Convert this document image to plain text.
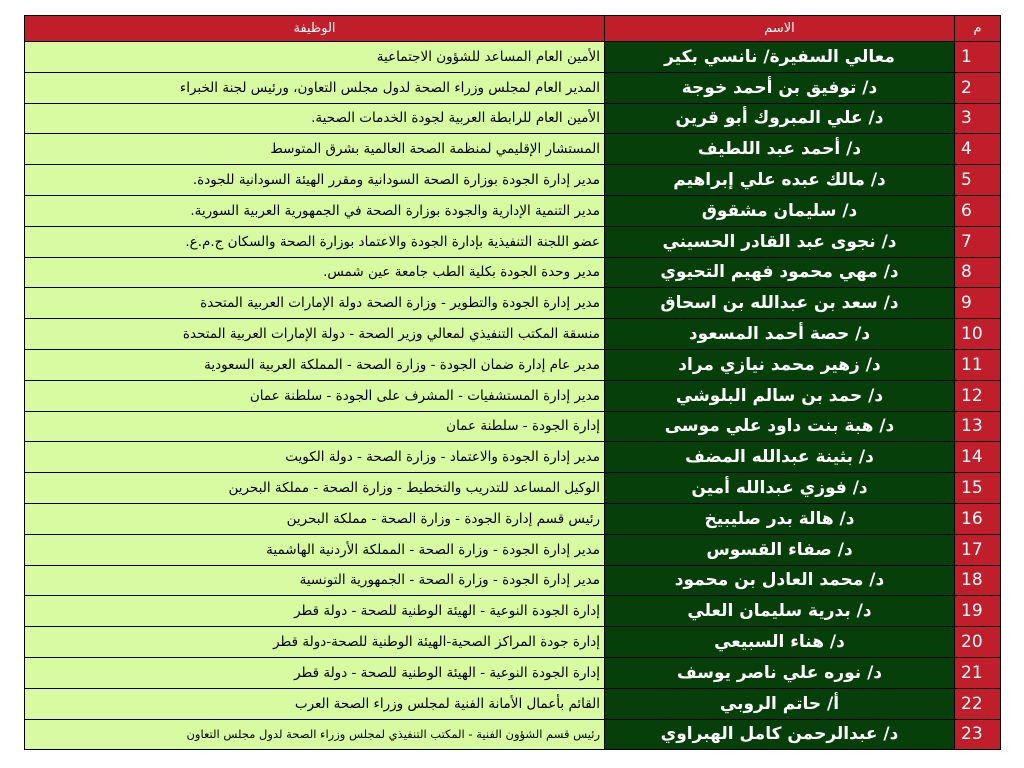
الوظيفة	الاسم	م
الأمين العام المساعد للشؤون الاجتماعية	معالي السفيرة/ نانسي بكير	1
المدير العام لمجلس وزراء الصحة لدول مجلس التعاون، ورئيس لجنة الخبراء	د/ توفيق بن أحمد خوجة	2
الأمين العام للرابطة العربية لجودة الخدمات الصحية.	د/ علي المبروك أبو قرين	3
المستشار الإقليمي لمنظمة الصحة العالمية بشرق المتوسط	د/ أحمد عبد اللطيف	4
مدير إدارة الجودة بوزارة الصحة السودانية ومقرر الهيئة السودانية للجودة.	د/ مالك عبده علي إبراهيم	5
مدير التنمية الإدارية والجودة بوزارة الصحة في الجمهورية العربية السورية.	د/ سليمان مشقوق	6
عضو اللجنة التنفيذية بإدارة الجودة والاعتماد بوزارة الصحة والسكان ج.م.ع.	د/ نجوى عبد القادر الحسيني	7
مدير وحدة الجودة بكلية الطب جامعة عين شمس.	د/ مهي محمود فهيم التحيوي	8
مدير إدارة الجودة والتطوير - وزارة الصحة دولة الإمارات العربية المتحدة	د/ سعد بن عبدالله بن اسحاق	9
منسقة المكتب التنفيذي لمعالي وزير الصحة - دولة الإمارات العربية المتحدة	د/ حصة أحمد المسعود	10
مدير عام إدارة ضمان الجودة - وزارة الصحة - المملكة العربية السعودية	د/ زهير محمد نيازي مراد	11
مدير إدارة المستشفيات - المشرف على الجودة - سلطنة عمان	د/ حمد بن سالم البلوشي	12
إدارة الجودة - سلطنة عمان	د/ هبة بنت داود علي موسى	13
مدير إدارة الجودة والاعتماد - وزارة الصحة - دولة الكويت	د/ بثينة عبدالله المضف	14
الوكيل المساعد للتدريب والتخطيط - وزارة الصحة - مملكة البحرين	د/ فوزي عبدالله أمين	15
رئيس قسم إدارة الجودة - وزارة الصحة - مملكة البحرين	د/ هالة بدر صليبيخ	16
مدير إدارة الجودة - وزارة الصحة - المملكة الأردنية الهاشمية	د/ صفاء القسوس	17
مدير إدارة الجودة - وزارة الصحة - الجمهورية التونسية	د/ محمد العادل بن محمود	18
إدارة الجودة النوعية - الهيئة الوطنية للصحة - دولة قطر	د/ بدرية سليمان العلي	19
إدارة جودة المراكز الصحية-الهيئة الوطنية للصحة-دولة قطر	د/ هناء السبيعي	20
إدارة الجودة النوعية - الهيئة الوطنية للصحة - دولة قطر	د/ نوره علي ناصر يوسف	21
القائم بأعمال الأمانة الفنية لمجلس وزراء الصحة العرب	أ/ حاتم الروبي	22
رئيس قسم الشؤون الفنية - المكتب التنفيذي لمجلس وزراء الصحة لدول مجلس التعاون	د/ عبدالرحمن كامل الهبراوي	23
